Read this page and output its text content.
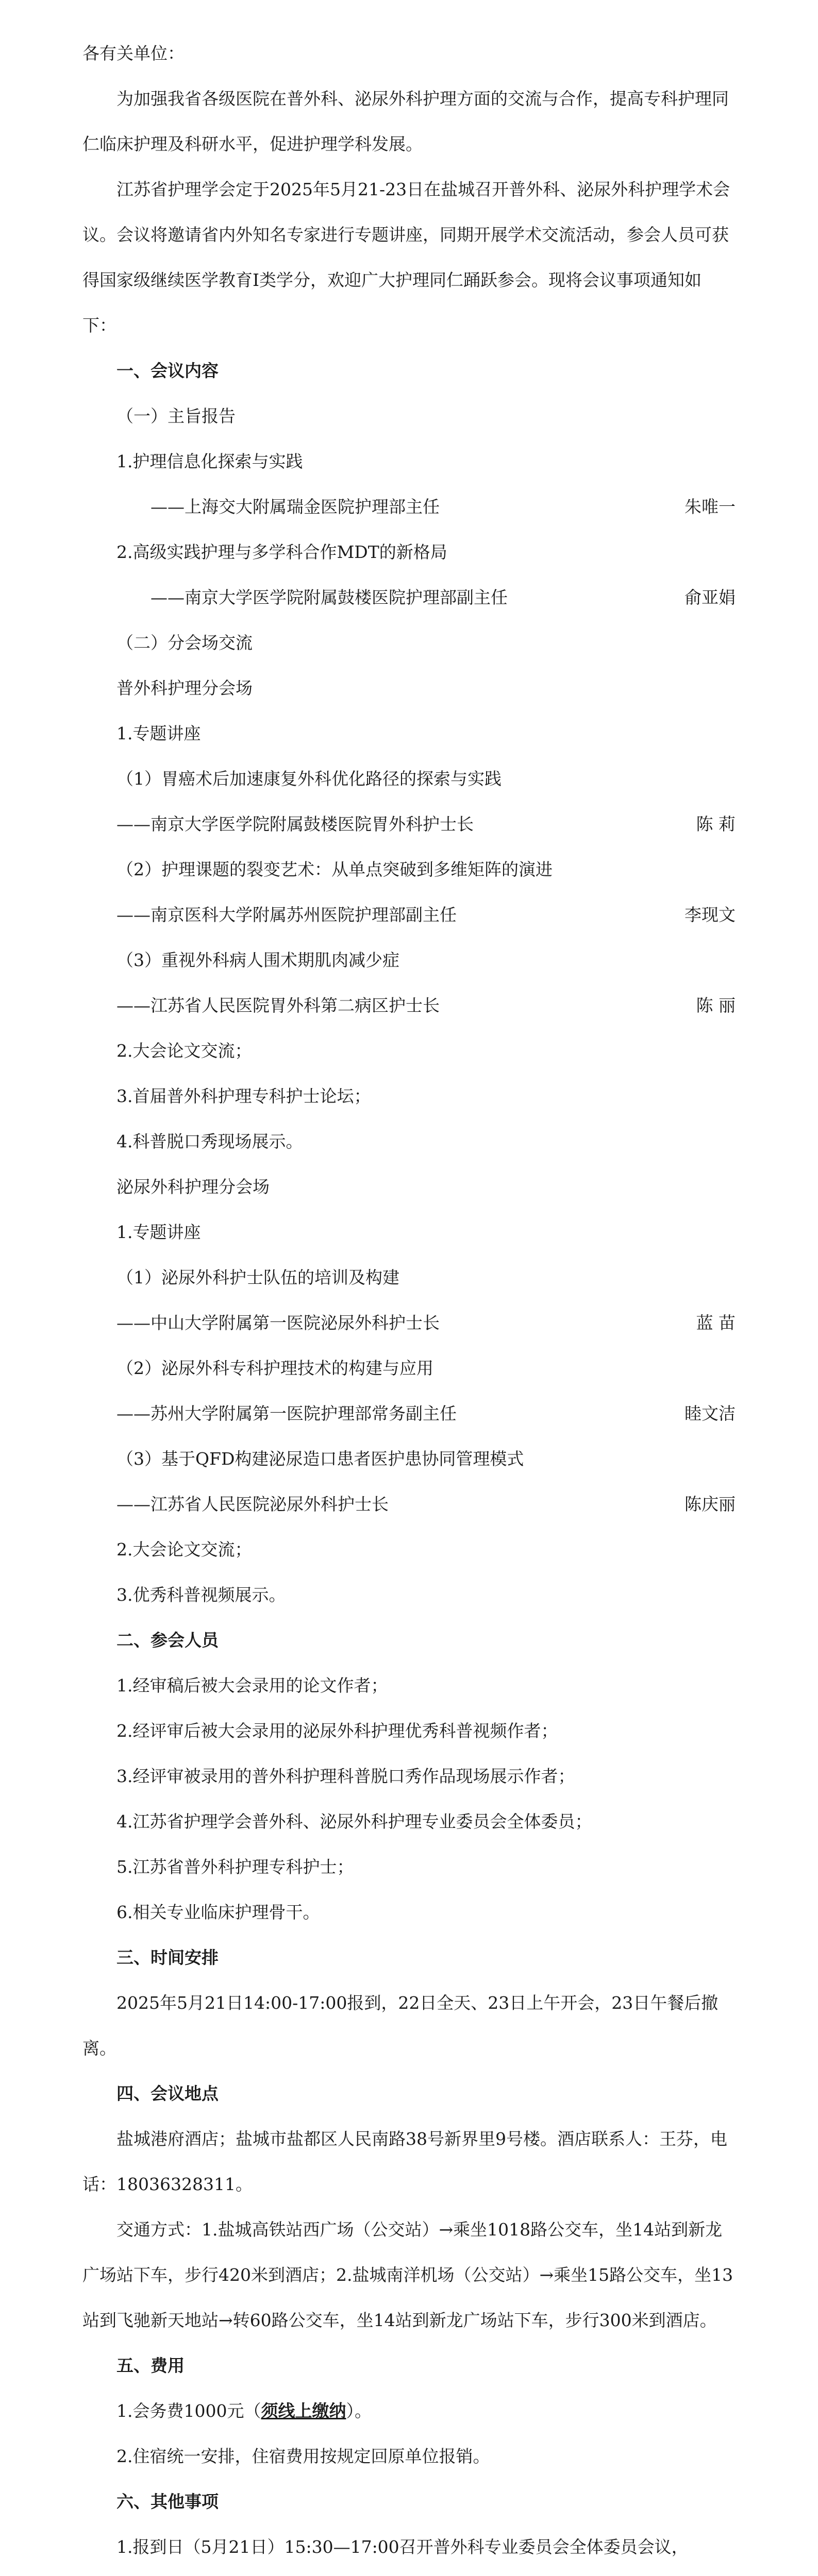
各有关单位：

为加强我省各级医院在普外科、泌尿外科护理方面的交流与合作，提高专科护理同仁临床护理及科研水平，促进护理学科发展。

江苏省护理学会定于2025年5月21-23日在盐城召开普外科、泌尿外科护理学术会议。会议将邀请省内外知名专家进行专题讲座，同期开展学术交流活动，参会人员可获得国家级继续医学教育I类学分，欢迎广大护理同仁踊跃参会。现将会议事项通知如下：

一、会议内容

（一）主旨报告

1.护理信息化探索与实践

——上海交大附属瑞金医院护理部主任	朱唯一

2.高级实践护理与多学科合作MDT的新格局

——南京大学医学院附属鼓楼医院护理部副主任	俞亚娟

（二）分会场交流

普外科护理分会场

1.专题讲座

（1）胃癌术后加速康复外科优化路径的探索与实践

——南京大学医学院附属鼓楼医院胃外科护士长	陈 莉

（2）护理课题的裂变艺术：从单点突破到多维矩阵的演进

——南京医科大学附属苏州医院护理部副主任	李现文

（3）重视外科病人围术期肌肉减少症

——江苏省人民医院胃外科第二病区护士长	陈 丽

2.大会论文交流；

3.首届普外科护理专科护士论坛；

4.科普脱口秀现场展示。

泌尿外科护理分会场

1.专题讲座

（1）泌尿外科护士队伍的培训及构建

——中山大学附属第一医院泌尿外科护士长	蓝 苗

（2）泌尿外科专科护理技术的构建与应用

——苏州大学附属第一医院护理部常务副主任	睦文洁

（3）基于QFD构建泌尿造口患者医护患协同管理模式

——江苏省人民医院泌尿外科护士长	陈庆丽

2.大会论文交流；

3.优秀科普视频展示。

二、参会人员

1.经审稿后被大会录用的论文作者；

2.经评审后被大会录用的泌尿外科护理优秀科普视频作者；

3.经评审被录用的普外科护理科普脱口秀作品现场展示作者；

4.江苏省护理学会普外科、泌尿外科护理专业委员会全体委员；

5.江苏省普外科护理专科护士；

6.相关专业临床护理骨干。

三、时间安排

2025年5月21日14:00-17:00报到，22日全天、23日上午开会，23日午餐后撤离。

四、会议地点

盐城港府酒店；盐城市盐都区人民南路38号新界里9号楼。酒店联系人：王芬，电话：18036328311。

交通方式：1.盐城高铁站西广场（公交站）→乘坐1018路公交车，坐14站到新龙广场站下车，步行420米到酒店；2.盐城南洋机场（公交站）→乘坐15路公交车，坐13站到飞驰新天地站→转60路公交车，坐14站到新龙广场站下车，步行300米到酒店。

五、费用

1.会务费1000元（须线上缴纳）。

2.住宿统一安排，住宿费用按规定回原单位报销。

六、其他事项

1.报到日（5月21日）15:30—17:00召开普外科专业委员会全体委员会议，
